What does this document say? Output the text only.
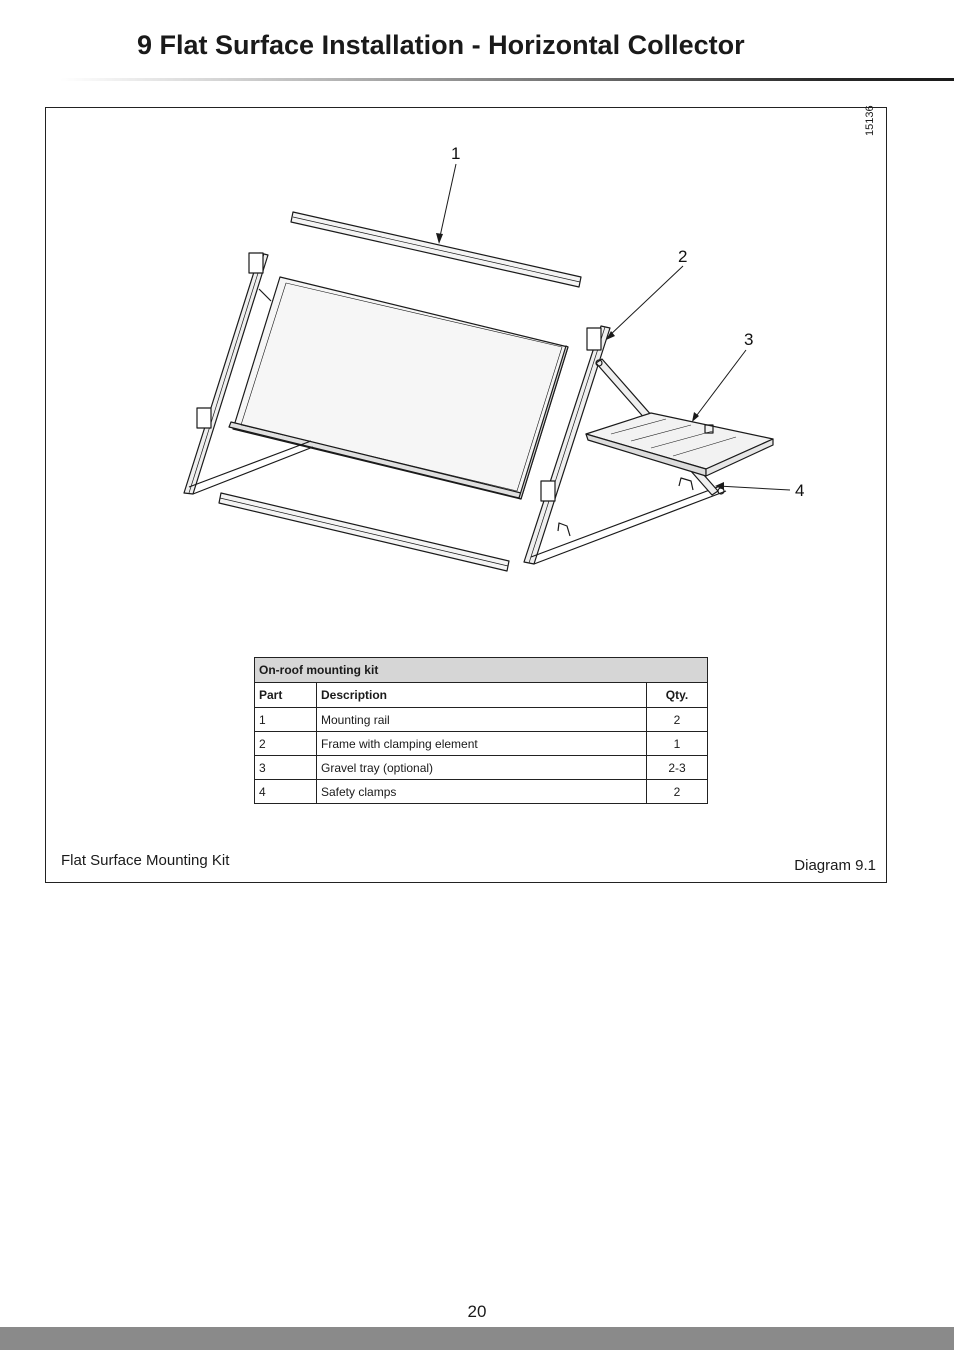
9 Flat Surface Installation - Horizontal Collector
15136
1
2
3
4
On-roof mounting kit		
Part	Description	Qty.
1	Mounting rail	2
2	Frame with clamping element	1
3	Gravel tray (optional)	2-3
4	Safety clamps	2
Flat Surface Mounting Kit	Diagram 9.1
20
